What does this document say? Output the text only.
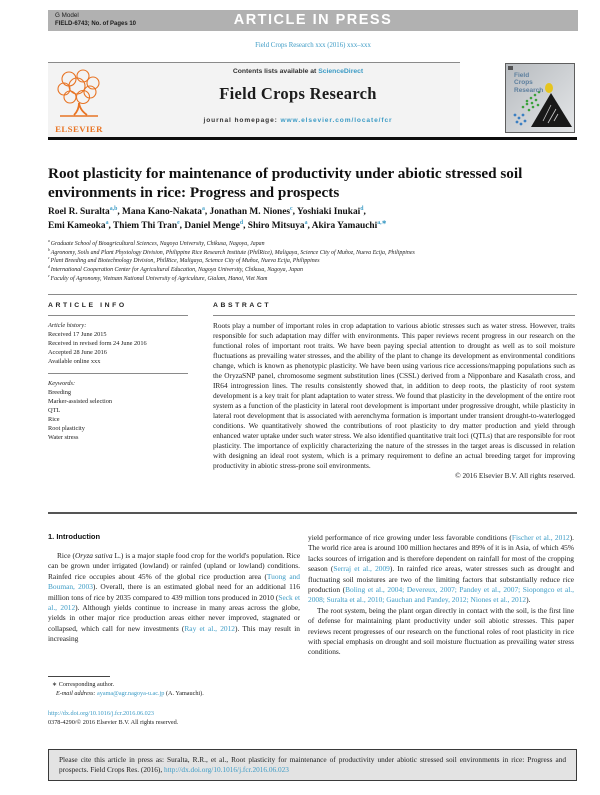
G Model
FIELD-6743; No. of Pages 10	ARTICLE IN PRESS
Field Crops Research xxx (2016) xxx–xxx
ELSEVIER
Contents lists available at ScienceDirect
Field Crops Research
journal homepage: www.elsevier.com/locate/fcr
Field
Crops
Research
Root plasticity for maintenance of productivity under abiotic stressed soil environments in rice: Progress and prospects
Roel R. Suralta$^{a,b}$, Mana Kano-Nakata$^a$, Jonathan M. Niones$^c$, Yoshiaki Inukai$^d$,
Emi Kameoka$^a$, Thiem Thi Tran$^e$, Daniel Menge$^d$, Shiro Mitsuya$^a$, Akira Yamauchi$^{a,∗}$
$^a$ Graduate School of Bioagricultural Sciences, Nagoya University, Chikusa, Nagoya, Japan
$^b$ Agronomy, Soils and Plant Physiology Division, Philippine Rice Research Institute (PhilRice), Maligaya, Science City of Muñoz, Nueva Ecija, Philippines
$^c$ Plant Breeding and Biotechnology Division, PhilRice, Maligaya, Science City of Muñoz, Nueva Ecija, Philippines
$^d$ International Cooperation Center for Agricultural Education, Nagoya University, Chikusa, Nagoya, Japan
$^e$ Faculty of Agronomy, Vietnam National University of Agriculture, Gialam, Hanoi, Viet Nam
ARTICLE INFO
Article history:
Received 17 June 2015
Received in revised form 24 June 2016
Accepted 28 June 2016
Available online xxx
Keywords:
Breeding
Marker-assisted selection
QTL
Rice
Root plasticity
Water stress
ABSTRACT
Roots play a number of important roles in crop adaptation to various abiotic stresses such as water stress. However, traits responsible for such adaptation may differ with environments. This paper reviews recent progress in our research on the functional roles of important root traits. We have been paying special attention to drought as well as to soil moisture fluctuations as prevailing water stresses, and the ability of the plant to change its development as environmental conditions change, which is known as phenotypic plasticity. We have been using various rice accessions/mapping populations such as the OryzaSNP panel, chromosome segment substitution lines (CSSL) derived from a Nipponbare and Kasalath cross, and IR64 introgression lines. The results consistently showed that, in addition to deep roots, the plasticity of root system development is a key trait for plant adaptation to water stress. We found that plasticity in the development of the entire root system as a function of the plasticity in lateral root development is important under progressive drought, while plasticity in lateral root development that is associated with aerenchyma formation is important under transient drought-to-waterlogged conditions. We quantitatively showed the contributions of root plasticity to dry matter production and yield through enhanced water uptake under such water stress. We also identified quantitative trait loci (QTLs) that are responsible for root plasticity. The importance of explicitly characterizing the nature of the stresses in the target areas is discussed in relation with designing an ideal root system, which is a primary requirement to define an actual breeding target for improving productivity in abiotic stress-prone soil environments.
© 2016 Elsevier B.V. All rights reserved.
1. Introduction

Rice (Oryza sativa L.) is a major staple food crop for the world's population. Rice can be grown under irrigated (lowland) or rainfed (upland or lowland) conditions. Rainfed rice occupies about 45% of the global rice production area (Tuong and Bouman, 2003). Overall, there is an estimated global need for an additional 116 million tons of rice by 2035 compared to 439 million tons produced in 2010 (Seck et al., 2012). Although yields continue to increase in many areas across the globe, yields in other major rice production areas either never improved, stagnated or collapsed, which call for new investments (Ray et al., 2012). This may result in increasing

yield performance of rice growing under less favorable conditions (Fischer et al., 2012). The world rice area is around 100 million hectares and 89% of it is in Asia, of which 45% lacks sources of irrigation and is therefore dependent on rainfall for most of the cropping season (Serraj et al., 2009). In rainfed rice areas, water stresses such as drought and fluctuating soil moistures are two of the limiting factors that substantially reduce rice production (Boling et al., 2004; Devereux, 2007; Pandey et al., 2007; Siopongco et al., 2008; Suralta et al., 2010; Gauchan and Pandey, 2012; Niones et al., 2012).

The root system, being the plant organ directly in contact with the soil, is the first line of defense for maintaining plant productivity under soil abiotic stresses. This paper reviews recent progresses of our research on the functional roles of root plasticity in rice with special emphasis on drought and soil moisture fluctuation as prevailing water stress conditions.

∗ Corresponding author.
E-mail address: ayama@agr.nagoya-u.ac.jp (A. Yamauchi).
http://dx.doi.org/10.1016/j.fcr.2016.06.023
0378-4290/© 2016 Elsevier B.V. All rights reserved.

Please cite this article in press as: Suralta, R.R., et al., Root plasticity for maintenance of productivity under abiotic stressed soil environments in rice: Progress and prospects. Field Crops Res. (2016), http://dx.doi.org/10.1016/j.fcr.2016.06.023
